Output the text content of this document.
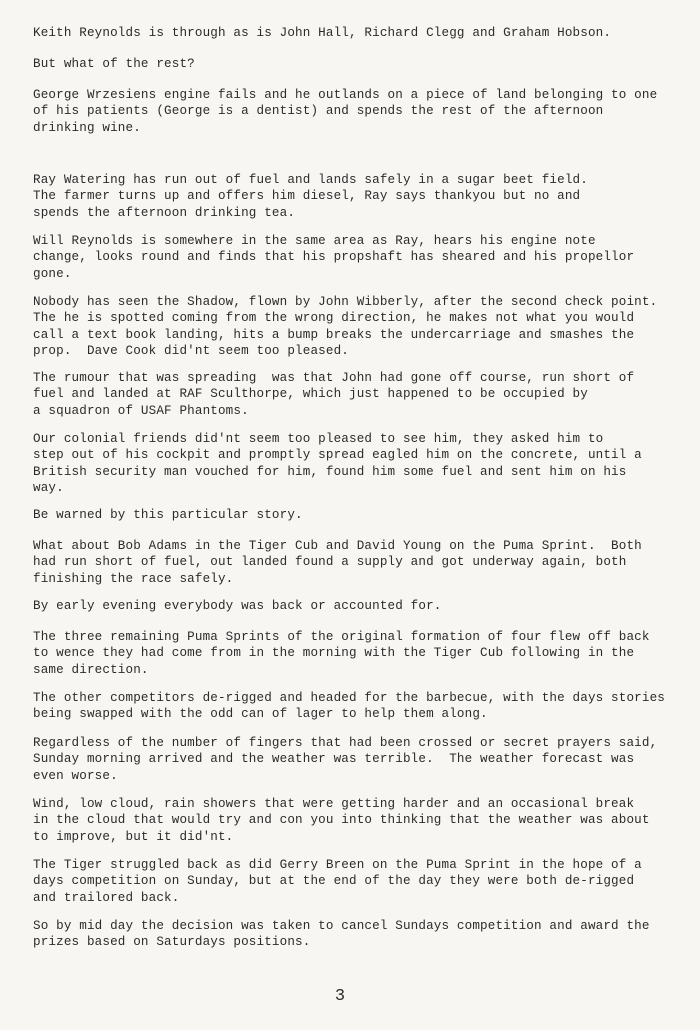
Keith Reynolds is through as is John Hall, Richard Clegg and Graham Hobson.

But what of the rest?

George Wrzesiens engine fails and he outlands on a piece of land belonging to one
of his patients (George is a dentist) and spends the rest of the afternoon
drinking wine.

Ray Watering has run out of fuel and lands safely in a sugar beet field.
The farmer turns up and offers him diesel, Ray says thankyou but no and
spends the afternoon drinking tea.

Will Reynolds is somewhere in the same area as Ray, hears his engine note
change, looks round and finds that his propshaft has sheared and his propellor
gone.

Nobody has seen the Shadow, flown by John Wibberly, after the second check point.
The he is spotted coming from the wrong direction, he makes not what you would
call a text book landing, hits a bump breaks the undercarriage and smashes the
prop.  Dave Cook did'nt seem too pleased.

The rumour that was spreading  was that John had gone off course, run short of
fuel and landed at RAF Sculthorpe, which just happened to be occupied by
a squadron of USAF Phantoms.

Our colonial friends did'nt seem too pleased to see him, they asked him to
step out of his cockpit and promptly spread eagled him on the concrete, until a
British security man vouched for him, found him some fuel and sent him on his
way.

Be warned by this particular story.

What about Bob Adams in the Tiger Cub and David Young on the Puma Sprint.  Both
had run short of fuel, out landed found a supply and got underway again, both
finishing the race safely.

By early evening everybody was back or accounted for.

The three remaining Puma Sprints of the original formation of four flew off back
to wence they had come from in the morning with the Tiger Cub following in the
same direction.

The other competitors de-rigged and headed for the barbecue, with the days stories
being swapped with the odd can of lager to help them along.

Regardless of the number of fingers that had been crossed or secret prayers said,
Sunday morning arrived and the weather was terrible.  The weather forecast was
even worse.

Wind, low cloud, rain showers that were getting harder and an occasional break
in the cloud that would try and con you into thinking that the weather was about
to improve, but it did'nt.

The Tiger struggled back as did Gerry Breen on the Puma Sprint in the hope of a
days competition on Sunday, but at the end of the day they were both de-rigged
and trailored back.

So by mid day the decision was taken to cancel Sundays competition and award the
prizes based on Saturdays positions.

3
